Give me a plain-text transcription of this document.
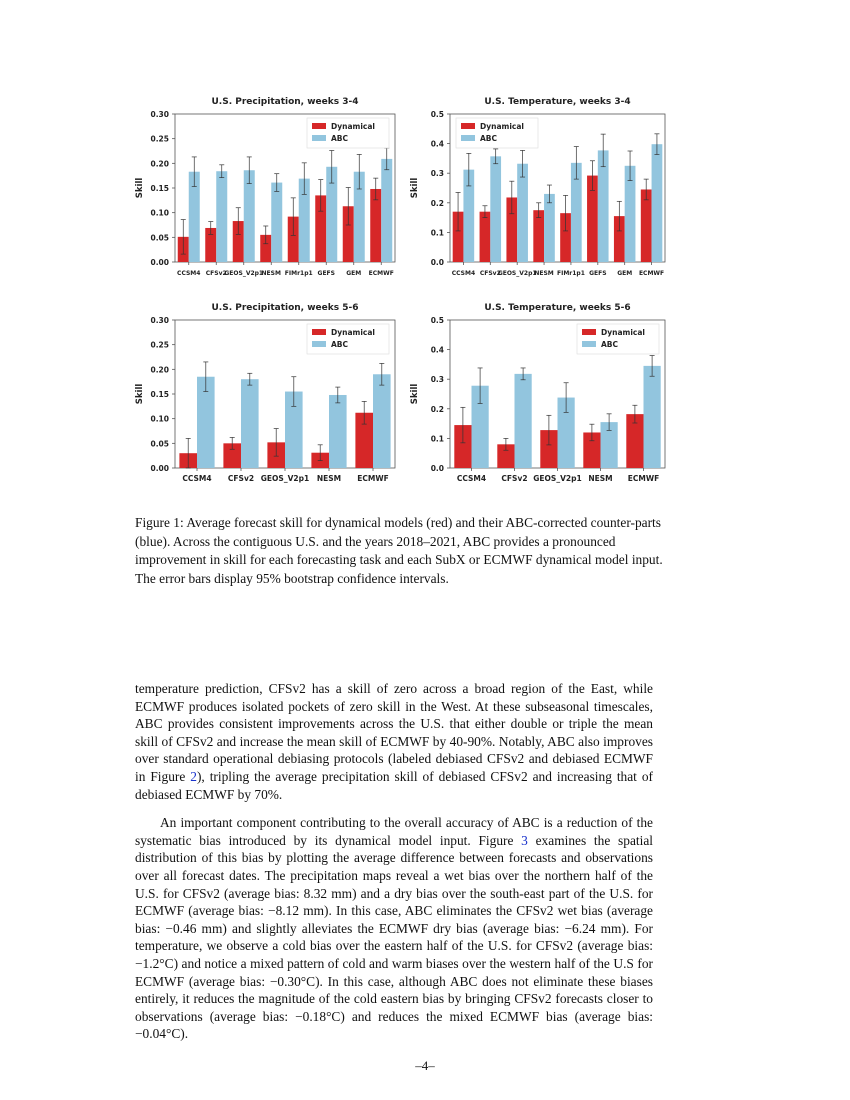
U.S. Precipitation, weeks 3-4
Skill
0.00
0.05
0.10
0.15
0.20
0.25
0.30
CCSM4 CFSv2
GEOS_V2p1
NESM FIMr1p1 GEFS GEM ECMWF
Dynamical
ABC
U.S. Temperature, weeks 3-4
Skill
0.0
0.1
0.2
0.3
0.4
0.5
CCSM4 CFSv2
GEOS_V2p1
NESM FIMr1p1 GEFS GEM ECMWF
Dynamical
ABC
U.S. Precipitation, weeks 5-6
Skill
0.00
0.05
0.10
0.15
0.20
0.25
0.30
CCSM4 CFSv2 GEOS_V2p1 NESM ECMWF
Dynamical
ABC
U.S. Temperature, weeks 5-6
Skill
0.0
0.1
0.2
0.3
0.4
0.5
CCSM4 CFSv2 GEOS_V2p1 NESM ECMWF
Dynamical
ABC
Figure 1: Average forecast skill for dynamical models (red) and their ABC-corrected counter-parts (blue). Across the contiguous U.S. and the years 2018–2021, ABC provides a pronounced improvement in skill for each forecasting task and each SubX or ECMWF dynamical model input. The error bars display 95% bootstrap confidence intervals.

temperature prediction, CFSv2 has a skill of zero across a broad region of the East, while ECMWF produces isolated pockets of zero skill in the West. At these subseasonal timescales, ABC provides consistent improvements across the U.S. that either double or triple the mean skill of CFSv2 and increase the mean skill of ECMWF by 40-90%. Notably, ABC also improves over standard operational debiasing protocols (labeled debiased CFSv2 and debiased ECMWF in Figure 2), tripling the average precipitation skill of debiased CFSv2 and increasing that of debiased ECMWF by 70%.

An important component contributing to the overall accuracy of ABC is a reduction of the systematic bias introduced by its dynamical model input. Figure 3 examines the spatial distribution of this bias by plotting the average difference between forecasts and observations over all forecast dates. The precipitation maps reveal a wet bias over the northern half of the U.S. for CFSv2 (average bias: 8.32 mm) and a dry bias over the south-east part of the U.S. for ECMWF (average bias: −8.12 mm). In this case, ABC eliminates the CFSv2 wet bias (average bias: −0.46 mm) and slightly alleviates the ECMWF dry bias (average bias: −6.24 mm). For temperature, we observe a cold bias over the eastern half of the U.S. for CFSv2 (average bias: −1.2°C) and notice a mixed pattern of cold and warm biases over the western half of the U.S for ECMWF (average bias: −0.30°C). In this case, although ABC does not eliminate these biases entirely, it reduces the magnitude of the cold eastern bias by bringing CFSv2 forecasts closer to observations (average bias: −0.18°C) and reduces the mixed ECMWF bias (average bias: −0.04°C).

–4–
